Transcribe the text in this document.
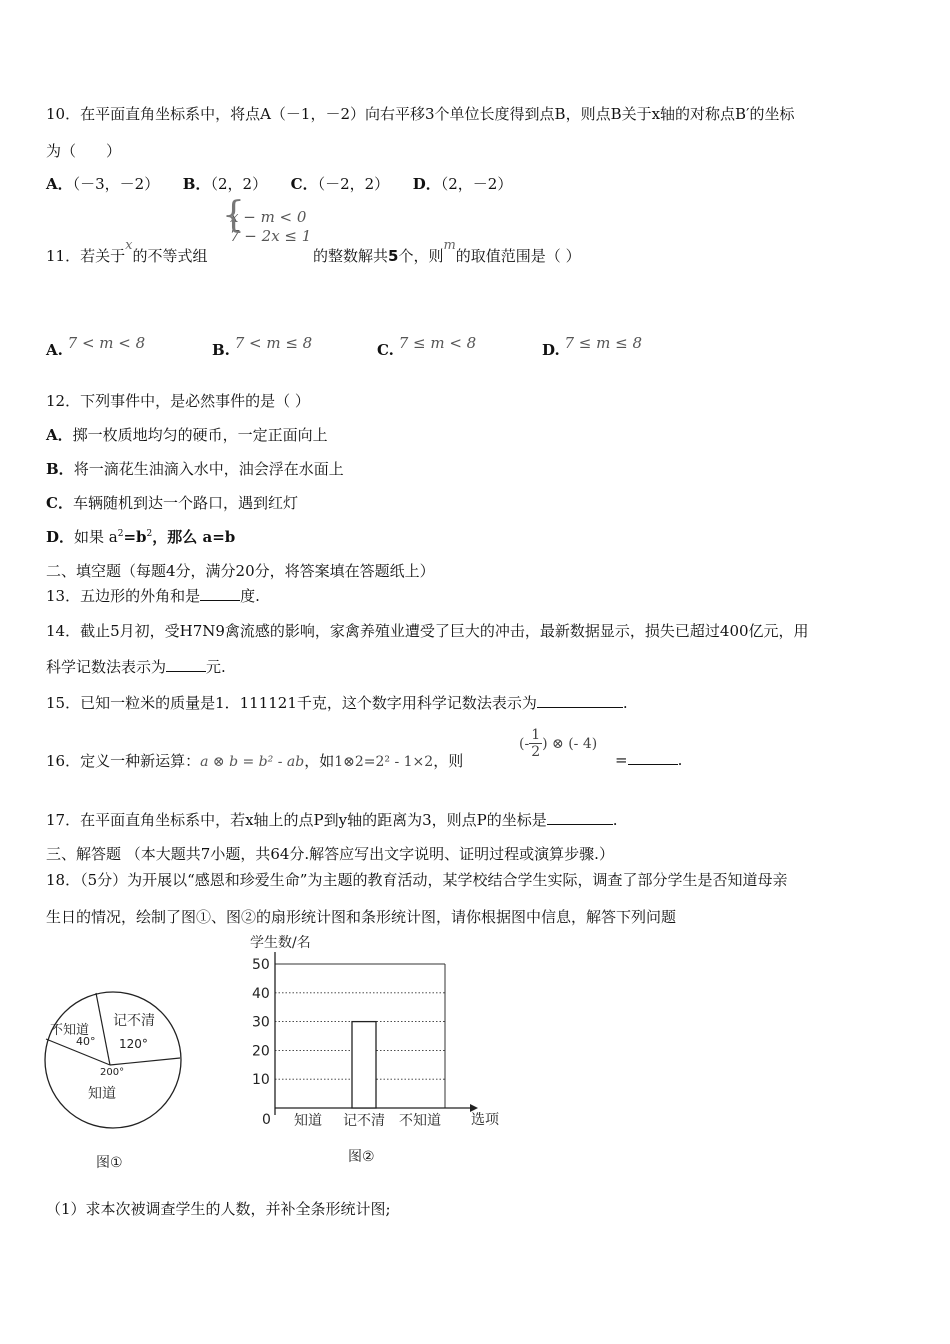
10．在平面直角坐标系中，将点A（－1，－2）向右平移3个单位长度得到点B，则点B关于x轴的对称点B′的坐标
为（　　）
A．（－3，－2） B．（2，2） C．（－2，2） D．（2，－2）
11．若关于x的不等式组
{
x − m < 0
7 − 2x ≤ 1
的整数解共5个，则m的取值范围是（ ）
A. 7 < m < 8	B. 7 < m ≤ 8	C. 7 ≤ m < 8	D. 7 ≤ m ≤ 8
12．下列事件中，是必然事件的是（ ）
A．掷一枚质地均匀的硬币，一定正面向上
B．将一滴花生油滴入水中，油会浮在水面上
C．车辆随机到达一个路口，遇到红灯
D．如果 $a^2=b^2$，那么 a=b
二、填空题（每题4分，满分20分，将答案填在答题纸上）
13．五边形的外角和是	度.
14．截止5月初，受H7N9禽流感的影响，家禽养殖业遭受了巨大的冲击，最新数据显示，损失已超过400亿元，用
科学记数法表示为	元.
15．已知一粒米的质量是1．111121千克，这个数字用科学记数法表示为	.
16．定义一种新运算：a ⊗ b = b² - ab，如1⊗2=2² - 1×2，则
(- $\frac{1}{2}$ ) ⊗ (- 4)
=	.
17．在平面直角坐标系中，若x轴上的点P到y轴的距离为3，则点P的坐标是	.
三、解答题 （本大题共7小题，共64分.解答应写出文字说明、证明过程或演算步骤.）
18．（5分）为开展以“感恩和珍爱生命”为主题的教育活动，某学校结合学生实际，调查了部分学生是否知道母亲
生日的情况，绘制了图①、图②的扇形统计图和条形统计图，请你根据图中信息，解答下列问题
不知道
40°
记不清
120°
200°
知道
图①
学生数/名
0
10
20
30
40
50
知道 记不清 不知道 选项
图②
（1）求本次被调查学生的人数，并补全条形统计图;
